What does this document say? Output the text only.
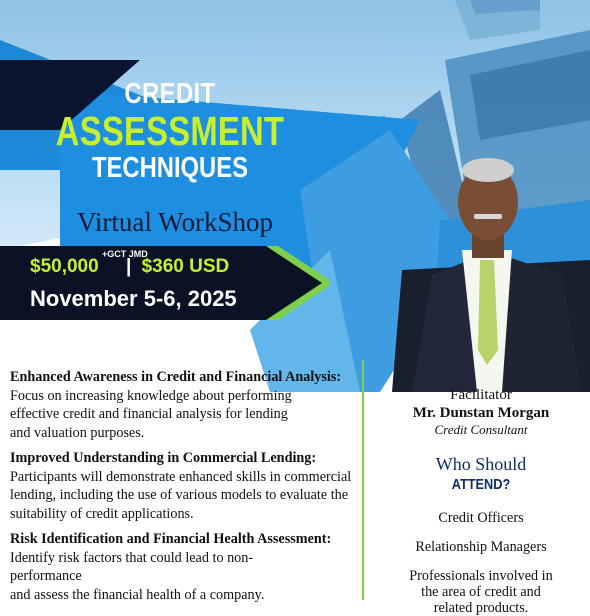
CREDIT
ASSESSMENT
TECHNIQUES
Virtual WorkShop
$50,000
+GCT JMD
| $360 USD
November 5-6, 2025
Enhanced Awareness in Credit and Financial Analysis:
Focus on increasing knowledge about performing
effective credit and financial analysis for lending
and valuation purposes.
Improved Understanding in Commercial Lending:
Participants will demonstrate enhanced skills in commercial
lending, including the use of various models to evaluate the
suitability of credit applications.
Risk Identification and Financial Health Assessment:
Identify risk factors that could lead to non-
performance
and assess the financial health of a company.
Facilitator
Mr. Dunstan Morgan
Credit Consultant
Who Should
ATTEND?
Credit Officers
Relationship Managers
Professionals involved in
the area of credit and
related products.
